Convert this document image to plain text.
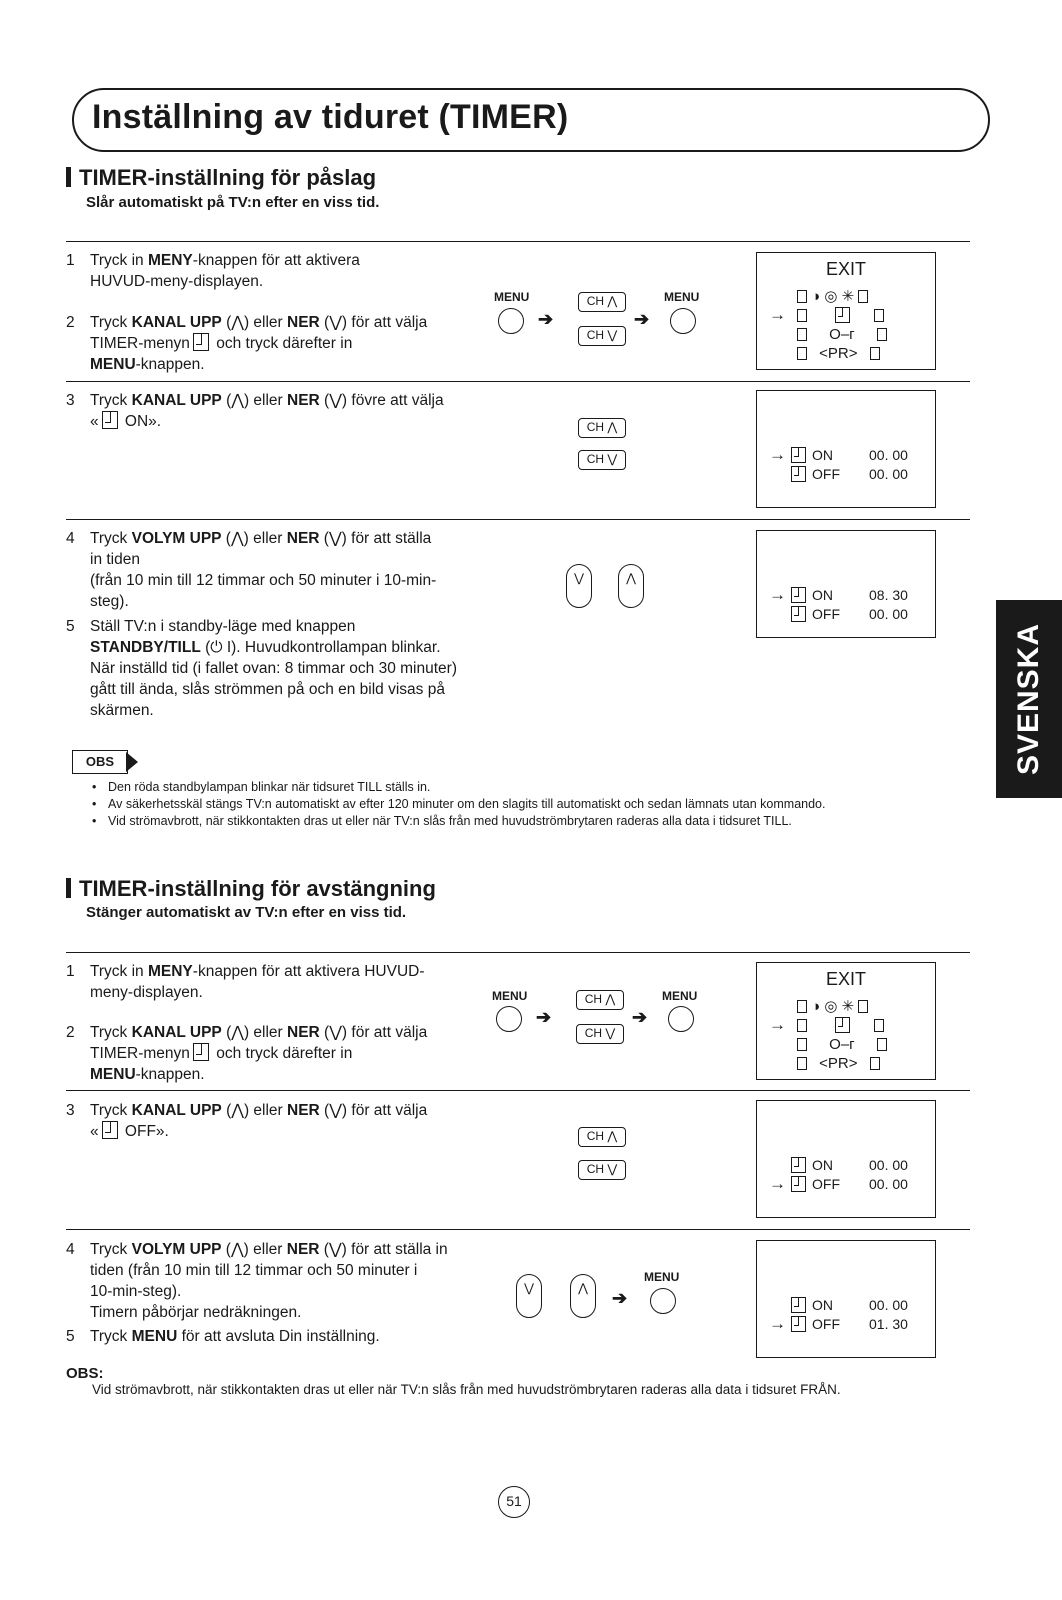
Inställning av tiduret (TIMER)
TIMER-inställning för påslag
Slår automatiskt på TV:n efter en viss tid.
1 Tryck in MENY-knappen för att aktivera
HUVUD-meny-displayen.
2 Tryck KANAL UPP (⋀) eller NER (⋁) för att välja
TIMER-menyn och tryck därefter in
MENU-knappen.
MENU
➔
CH ⋀
CH ⋁
➔
MENU
EXIT
◑ ◎ ✳
→
O‒ᴦ
<PR>
3 Tryck KANAL UPP (⋀) eller NER (⋁) fövre att välja
« ON».	CH ⋀
CH ⋁	→	ON	00. 00
OFF 00. 00
4 Tryck VOLYM UPP (⋀) eller NER (⋁) för att ställa
in tiden
(från 10 min till 12 timmar och 50 minuter i 10-min-
steg).
5 Ställ TV:n i standby-läge med knappen
STANDBY/TILL (⏻ I). Huvudkontrollampan blinkar.
När inställd tid (i fallet ovan: 8 timmar och 30 minuter)
gått till ända, slås strömmen på och en bild visas på
skärmen.
⋁	⋀
→	ON	08. 30
OFF 00. 00
OBS
• Den röda standbylampan blinkar när tidsuret TILL ställs in.
• Av säkerhetsskäl stängs TV:n automatiskt av efter 120 minuter om den slagits till automatiskt och sedan lämnats utan kommando.
• Vid strömavbrott, när stikkontakten dras ut eller när TV:n slås från med huvudströmbrytaren raderas alla data i tidsuret TILL.
TIMER-inställning för avstängning
Stänger automatiskt av TV:n efter en viss tid.
1 Tryck in MENY-knappen för att aktivera HUVUD-
meny-displayen.
2 Tryck KANAL UPP (⋀) eller NER (⋁) för att välja
TIMER-menyn och tryck därefter in
MENU-knappen.
MENU
➔
CH ⋀
CH ⋁
➔
MENU
EXIT
◑ ◎ ✳
→
O‒ᴦ
<PR>
3 Tryck KANAL UPP (⋀) eller NER (⋁) för att välja
« OFF».	CH ⋀
CH ⋁	ON	00. 00
→	OFF 00. 00
4 Tryck VOLYM UPP (⋀) eller NER (⋁) för att ställa in
tiden (från 10 min till 12 timmar och 50 minuter i
10-min-steg).
Timern påbörjar nedräkningen.
5 Tryck MENU för att avsluta Din inställning.
⋁	⋀	➔
MENU
ON	00. 00
→	OFF 01. 30
OBS:
Vid strömavbrott, när stikkontakten dras ut eller när TV:n slås från med huvudströmbrytaren raderas alla data i tidsuret FRÅN.
SVENSKA
51
